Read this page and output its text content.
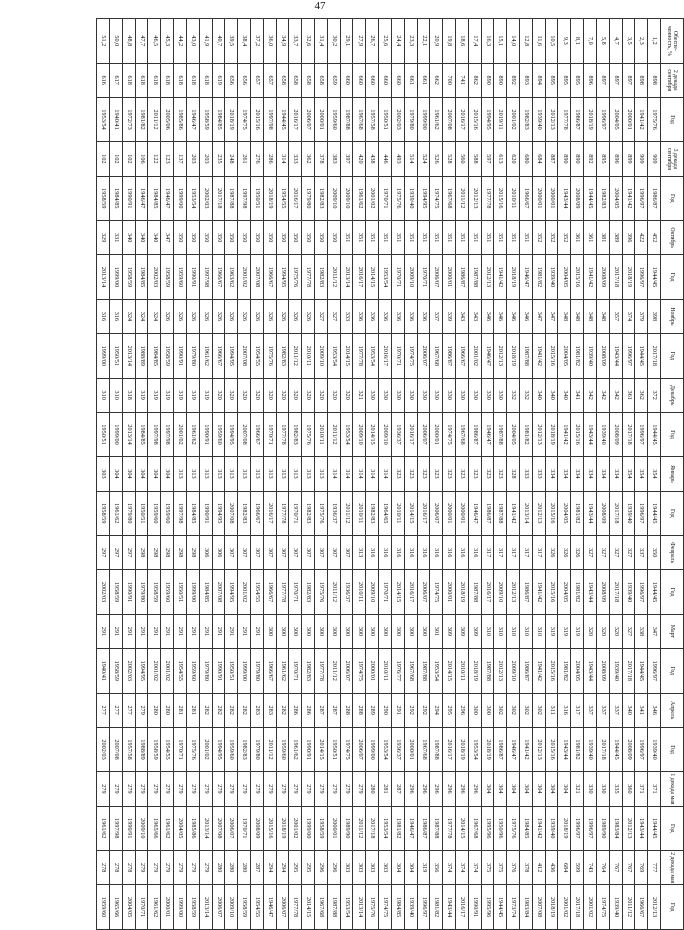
47
Обеспе-ченность, %	2 декада сентября	Год	3 декада сентября	Год	Октябрь	Год	Ноябрь	Год	Декабрь	Год	Январь	Год	Февраль	Год	Март	Год	Апрель	Год	1 декада мая	Год	2 декада мая	Год
1,2	898	1975/76	909	1986/87	452	1944/45	398	2017/18	372	1944/45	354	1944/45	350	1944/45	347	1996/97	346	1939/40	371	1944/45	777	2012/13
2,3	898	1941/42	909	1996/97	422	1996/97	379	1944/45	362	1996/97	354	1996/97	337	1996/97	338	1944/45	341	1996/97	371	1943/44	769	1966/67
3,5	897	2000/01	899	1941/42	396	2018/19	374	1996/97	361	2017/18	354	1939/40	327	1939/40	327	2017/18	340	2008/09	360	2012/13	767	2011/12
4,7	897	2004/05	896	2004/05	389	2017/18	357	1943/44	342	2008/09	334	2017/18	327	2017/18	320	1939/40	337	1944/45	335	1983/84	767	1939/40
5,8	897	1996/97	895	1982/83	381	2008/09	348	2008/09	342	1939/40	334	2008/09	327	2008/09	320	2008/09	337	2017/18	330	1989/90	764	1974/75
7,0	896	2018/19	892	1944/45	361	1941/42	348	1939/40	342	1943/44	334	1943/44	327	1943/44	320	1943/44	337	1939/40	330	1996/97	743	2001/02
8,1	895	1986/87	890	2008/09	361	2015/16	348	1981/82	341	2015/16	334	1981/82	326	1981/82	319	2004/05	317	1981/82	321	1996/97	599	2017/18
9,3	895	1977/78	890	1943/44	352	2004/05	348	2004/05	340	1941/42	334	2004/05	326	2004/05	319	1981/82	316	1943/44	304	2018/19	684	2001/02
10,5	895	2012/13	887	2000/01	352	1939/40	347	2015/16	340	2018/19	334	2015/16	326	2015/16	319	2015/16	311	2015/16	304	1939/40	436	2018/19
11,6	894	1939/40	684	2000/01	352	1981/82	347	1941/42	340	2012/13	333	2012/13	317	1941/42	310	1941/42	302	2012/13	304	1941/42	412	2007/08
12,8	893	1982/83	680	1966/67	351	1946/47	346	1987/88	332	1981/82	333	2013/14	317	1986/87	310	1986/87	302	1941/42	304	1984/85	378	1983/84
14,0	892	2001/02	620	2010/11	351	2018/19	346	2018/19	332	2004/05	328	1941/42	317	2012/13	310	2009/10	302	1946/47	304	1975/76	376	1973/74
15,1	890	2019/11	613	2015/16	351	1941/42	346	2012/13	330	1987/88	323	1987/88	317	2009/10	310	2012/13	302	1986/87	304	1950/96	375	1944/45
16,3	890	1994/95	597	1977/78	351	2012/13	346	1946/47	330	1946/47	323	1986/87	317	2016/17	310	1987/88	300	2018/19	304	1995/96	375	1995/96
17,4	862	2015/16	588	2012/13	351	1987/88	343	2001/02	330	1986/87	323	1946/47	316	1987/88	309	2018/19	300	1953/54	296	1967/68	374	1990/91
18,6	741	2016/17	560	2011/12	351	1986/87	343	1966/67	330	1967/68	323	2000/01	316	2018/19	309	2010/11	296	2018/19	296	2014/15	374	2016/17
19,8	700	2007/08	528	1967/68	351	2000/01	339	1986/87	330	1974/75	323	2000/01	316	2000/01	309	2014/15	295	2016/17	296	1977/78	374	1943/44
20,9	662	1961/62	526	1974/75	351	2006/07	337	1967/68	330	2000/01	323	2006/07	316	1974/75	301	1953/54	294	1987/88	296	1987/88	356	1981/82
22,1	661	1999/00	524	1994/95	351	1970/71	336	2006/07	330	2006/07	323	2016/17	316	2006/07	300	1987/88	292	1967/68	296	1986/87	319	1996/97
23,3	661	1979/80	514	1939/40	351	2009/10	336	1974/75	330	2016/17	323	2014/15	316	2016/17	300	1967/68	292	2000/01	296	1946/47	304	1939/40
24,4	660	2002/03	493	1975/76	351	1970/71	336	1970/71	330	1936/37	323	2010/11	316	2014/15	300	1976/77	291	1936/37	287	1981/82	304	1984/85
25,6	660	1950/51	446	1970/71	351	1953/54	336	2016/17	330	2009/10	314	1964/65	316	1970/71	300	2010/11	290	1953/54	281	1953/54	303	1974/75
26,7	660	1957/58	438	2001/02	351	2014/15	336	1953/54	330	2014/15	314	1982/83	316	2009/10	300	2000/01	289	1999/00	280	2017/18	303	1975/76
27,9	660	1967/68	420	1961/62	351	2016/17	336	1977/78	321	2009/10	314	2010/11	313	2010/11	300	1974/75	288	2006/07	279	2011/12	303	2013/14
29,1	660	1987/88	397	2009/10	351	2013/14	333	2014/15	320	1953/54	314	2011/12	307	1936/37	300	2006/07	288	1974/75	279	1989/90	303	1953/54
30,2	659	1959/60	383	2009/10	350	2011/12	327	1953/54	320	2011/12	314	1936/37	307	2011/12	300	2011/12	287	1950/51	279	2000/01	296	1987/88
31,4	658	2000/01	378	1982/83	350	1982/83	327	2009/10	320	2010/11	313	1975/76	307	1975/76	300	1977/78	287	2014/15	279	1958/59	296	1967/68
32,6	658	2006/07	362	1979/80	350	1977/78	326	2010/11	320	1975/76	313	1982/83	307	1982/83	300	1982/83	286	1990/91	279	1999/00	295	2014/15
33,7	658	2016/17	333	2016/17	350	1975/76	326	2011/12	320	1982/83	313	1970/71	307	1970/71	300	1970/71	286	1961/62	279	2001/02	295	1977/78
34,9	658	1944/45	314	1954/55	350	1994/95	326	1982/83	320	1977/78	313	1977/78	307	1977/78	300	1961/62	282	1959/60	279	2018/19	294	2006/07
36,0	657	1997/98	286	2018/19	350	1966/67	326	1975/76	320	1970/71	313	2016/17	307	1966/67	300	1966/67	283	2011/12	279	2015/16	294	1946/47
37,2	657	2015/16	276	1950/51	350	2007/08	326	1954/55	320	1966/67	313	1966/67	307	1954/55	291	1979/80	283	1979/80	279	2008/09	287	1954/55
38,4	656	1974/75	261	1997/98	350	2001/02	326	2007/08	320	2007/08	313	1982/83	307	2001/02	291	1999/00	282	1982/83	279	1970/71	280	1958/59
39,5	656	2018/19	248	1987/88	350	1963/62	326	1994/95	320	1994/95	313	2007/08	307	1994/95	291	1950/51	282	1959/60	279	2006/07	280	2009/10
40,7	619	1984/85	235	2017/18	350	1966/67	326	1966/67	320	1959/60	313	1994/95	306	2007/08	291	1990/91	282	1994/95	279	2007/08	280	2006/07
41,9	618	1958/59	203	2002/03	350	1997/98	326	1961/62	319	1990/91	313	1990/91	306	1984/85	291	1979/80	282	2001/02	279	2013/14	279	2013/14
43,0	618	1946/47	203	1953/54	350	1990/91	326	1979/80	319	1961/62	313	1984/85	298	1999/00	291	1959/60	281	1975/76	279	1985/86	279	1958/59
44,2	618	1985/86	137	1999/00	350	1959/60	326	1990/91	319	2001/02	313	1997/98	298	1950/51	291	1954/55	281	1970/71	279	2004/05	279	1999/00
45,3	618	2005/06	123	1946/47	347	1958/59	326	1958/59	319	1997/98	304	1959/60	298	1959/60	291	2001/02	280	1954/55	279	1961/62	279	2000/01
46,5	618	2011/12	122	1984/85	340	2002/03	324	1984/85	319	1997/98	304	1959/60	298	1958/59	291	2001/02	280	1958/59	279	1965/66	279	1961/62
47,7	618	1981/82	106	1946/47	340	1984/85	324	1988/89	319	1984/85	304	1950/51	298	1979/80	291	1994/95	279	1988/89	279	2009/10	279	1970/71
48,8	618	1972/73	102	1990/91	340	1958/59	324	2013/14	318	2013/14	304	1979/80	297	1990/91	291	2002/03	277	1957/58	279	1990/91	278	2004/05
50,0	617	1940/41	102	1984/85	331	1999/00	316	1950/51	310	1999/00	304	1961/62	297	1958/59	291	1958/59	277	2007/08	279	1997/98	278	1965/66
51,2	616	1953/54	102	1958/59	329	2013/14	316	1999/00	310	1950/51	303	1958/59	297	2002/03	291	1940/41	277	2002/03	279	1961/62	278	1959/60
